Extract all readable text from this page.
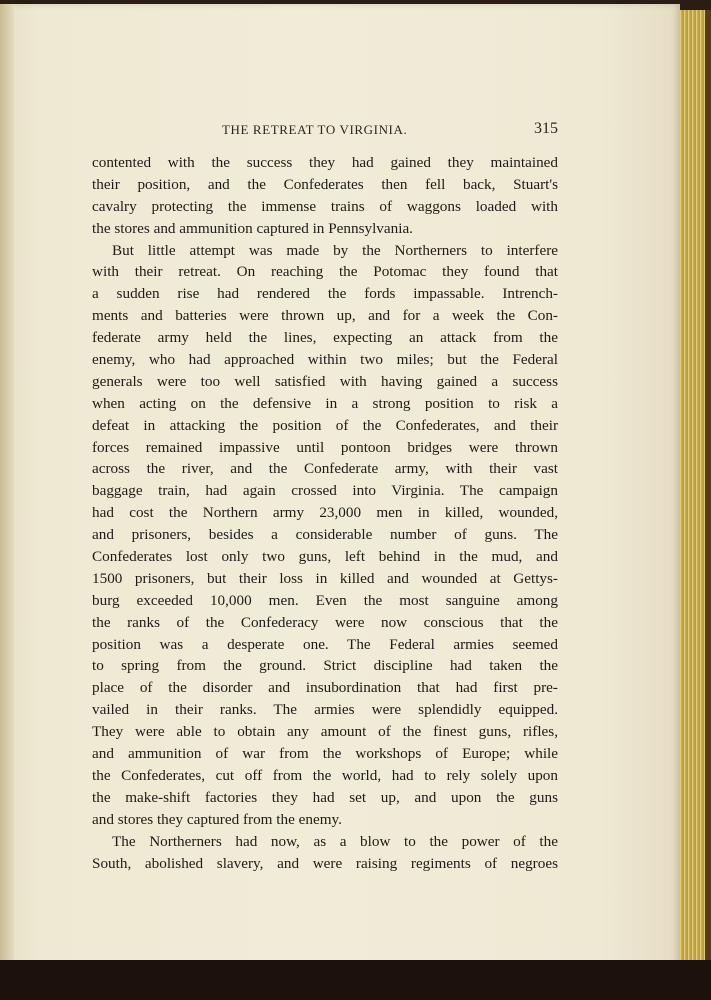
THE RETREAT TO VIRGINIA.	315
contented with the success they had gained they maintained
their position, and the Confederates then fell back, Stuart's
cavalry protecting the immense trains of waggons loaded with
the stores and ammunition captured in Pennsylvania.
But little attempt was made by the Northerners to interfere
with their retreat. On reaching the Potomac they found that
a sudden rise had rendered the fords impassable. Intrench-
ments and batteries were thrown up, and for a week the Con-
federate army held the lines, expecting an attack from the
enemy, who had approached within two miles; but the Federal
generals were too well satisfied with having gained a success
when acting on the defensive in a strong position to risk a
defeat in attacking the position of the Confederates, and their
forces remained impassive until pontoon bridges were thrown
across the river, and the Confederate army, with their vast
baggage train, had again crossed into Virginia. The campaign
had cost the Northern army 23,000 men in killed, wounded,
and prisoners, besides a considerable number of guns. The
Confederates lost only two guns, left behind in the mud, and
1500 prisoners, but their loss in killed and wounded at Gettys-
burg exceeded 10,000 men. Even the most sanguine among
the ranks of the Confederacy were now conscious that the
position was a desperate one. The Federal armies seemed
to spring from the ground. Strict discipline had taken the
place of the disorder and insubordination that had first pre-
vailed in their ranks. The armies were splendidly equipped.
They were able to obtain any amount of the finest guns, rifles,
and ammunition of war from the workshops of Europe; while
the Confederates, cut off from the world, had to rely solely upon
the make-shift factories they had set up, and upon the guns
and stores they captured from the enemy.
The Northerners had now, as a blow to the power of the
South, abolished slavery, and were raising regiments of negroes
